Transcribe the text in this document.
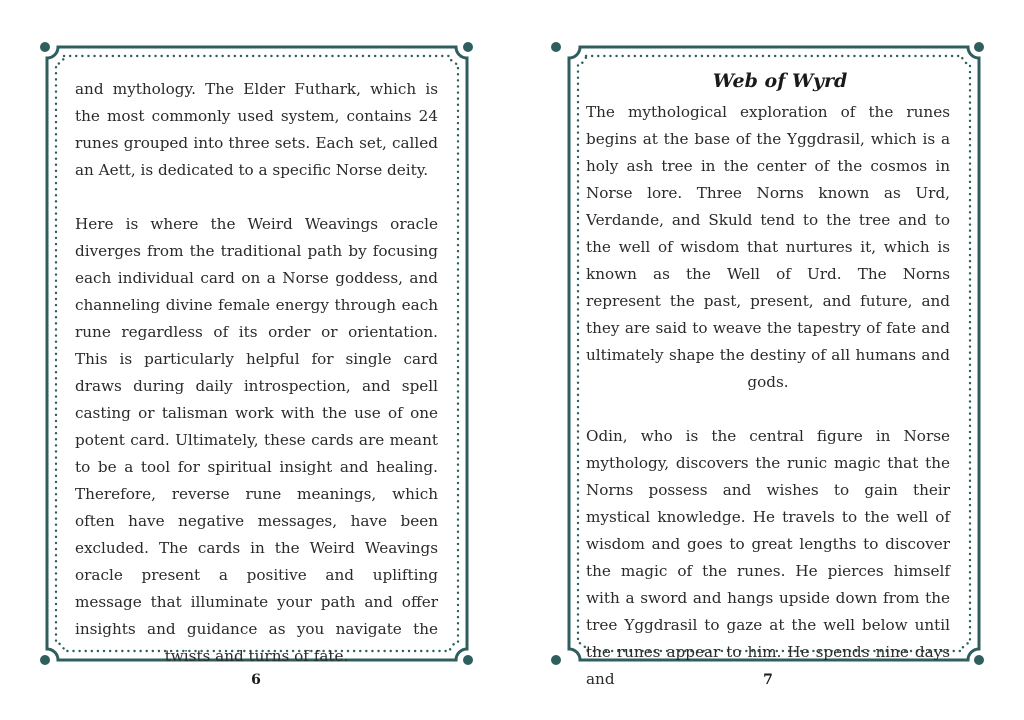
and mythology. The Elder Futhark, which is the most commonly used system, contains 24 runes grouped into three sets. Each set, called an Aett, is dedicated to a specific Norse deity.

Here is where the Weird Weavings oracle diverges from the traditional path by focusing each individual card on a Norse goddess, and channeling divine female energy through each rune regardless of its order or orientation. This is particularly helpful for single card draws during daily introspection, and spell casting or talisman work with the use of one potent card. Ultimately, these cards are meant to be a tool for spiritual insight and healing. Therefore, reverse rune meanings, which often have negative messages, have been excluded. The cards in the Weird Weavings oracle present a positive and uplifting message that illuminate your path and offer insights and guidance as you navigate the twists and turns of fate.

6
Web of Wyrd

The mythological exploration of the runes begins at the base of the Yggdrasil, which is a holy ash tree in the center of the cosmos in Norse lore. Three Norns known as Urd, Verdande, and Skuld tend to the tree and to the well of wisdom that nurtures it, which is known as the Well of Urd. The Norns represent the past, present, and future, and they are said to weave the tapestry of fate and ultimately shape the destiny of all humans and gods.

Odin, who is the central figure in Norse mythology, discovers the runic magic that the Norns possess and wishes to gain their mystical knowledge. He travels to the well of wisdom and goes to great lengths to discover the magic of the runes. He pierces himself with a sword and hangs upside down from the tree Yggdrasil to gaze at the well below until the runes appear to him. He spends nine days and	7
